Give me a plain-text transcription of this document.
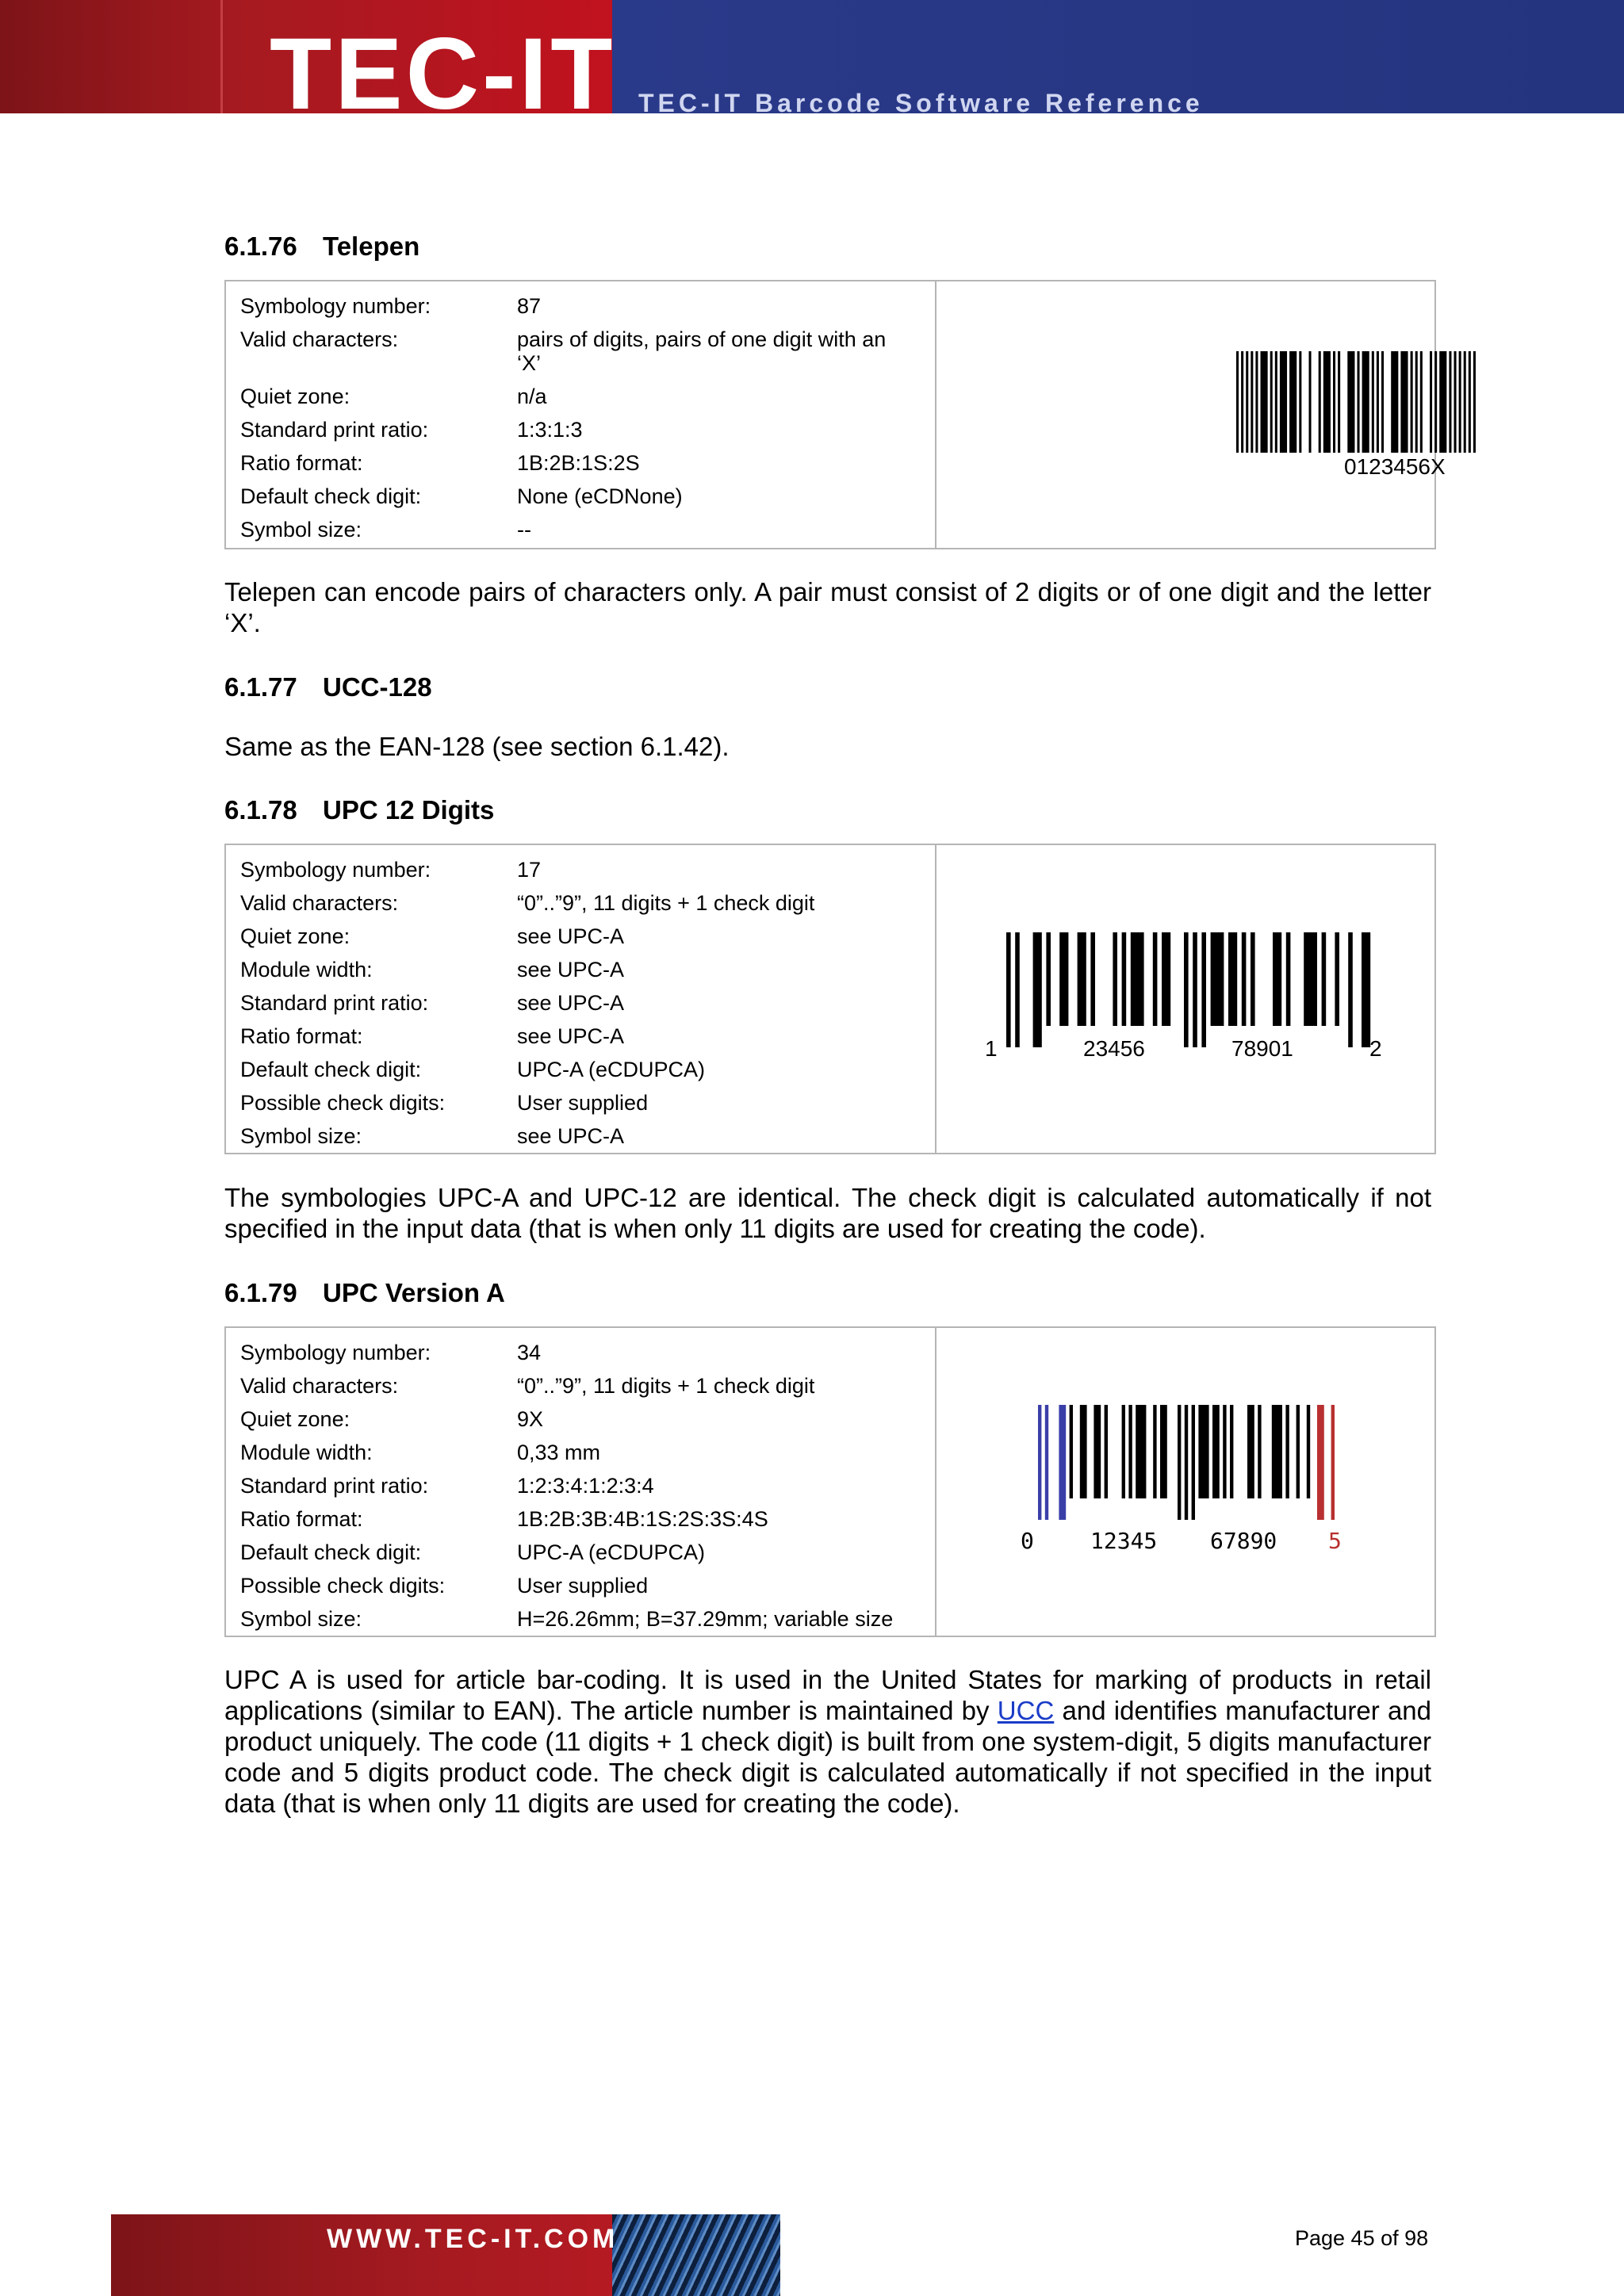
TEC-IT TEC-IT Barcode Software Reference
6.1.76 Telepen
Symbology number:	87
Valid characters:	pairs of digits, pairs of one digit with an ‘X’
Quiet zone:	n/a
Standard print ratio:	1:3:1:3
Ratio format:	1B:2B:1S:2S
Default check digit:	None (eCDNone)
Symbol size:	--
0123456X
Telepen can encode pairs of characters only. A pair must consist of 2 digits or of one digit and the letter ‘X’.
6.1.77 UCC-128
Same as the EAN-128 (see section 6.1.42).
6.1.78 UPC 12 Digits
Symbology number:	17
Valid characters:	“0”..”9”, 11 digits + 1 check digit
Quiet zone:	see UPC-A
Module width:	see UPC-A
Standard print ratio:	see UPC-A
Ratio format:	see UPC-A
Default check digit:	UPC-A (eCDUPCA)
Possible check digits:	User supplied
Symbol size:	see UPC-A
1	23456	78901	2
The symbologies UPC-A and UPC-12 are identical. The check digit is calculated automatically if not specified in the input data (that is when only 11 digits are used for creating the code).
6.1.79 UPC Version A
Symbology number:	34
Valid characters:	“0”..”9”, 11 digits + 1 check digit
Quiet zone:	9X
Module width:	0,33 mm
Standard print ratio:	1:2:3:4:1:2:3:4
Ratio format:	1B:2B:3B:4B:1S:2S:3S:4S
Default check digit:	UPC-A (eCDUPCA)
Possible check digits:	User supplied
Symbol size:	H=26.26mm; B=37.29mm; variable size
0	12345 67890 5
UPC A is used for article bar-coding. It is used in the United States for marking of products in retail applications (similar to EAN). The article number is maintained by UCC and identifies manufacturer and product uniquely. The code (11 digits + 1 check digit) is built from one system-digit, 5 digits manufacturer code and 5 digits product code. The check digit is calculated automatically if not specified in the input data (that is when only 11 digits are used for creating the code).
WWW.TEC-IT.COM	Page 45 of 98
